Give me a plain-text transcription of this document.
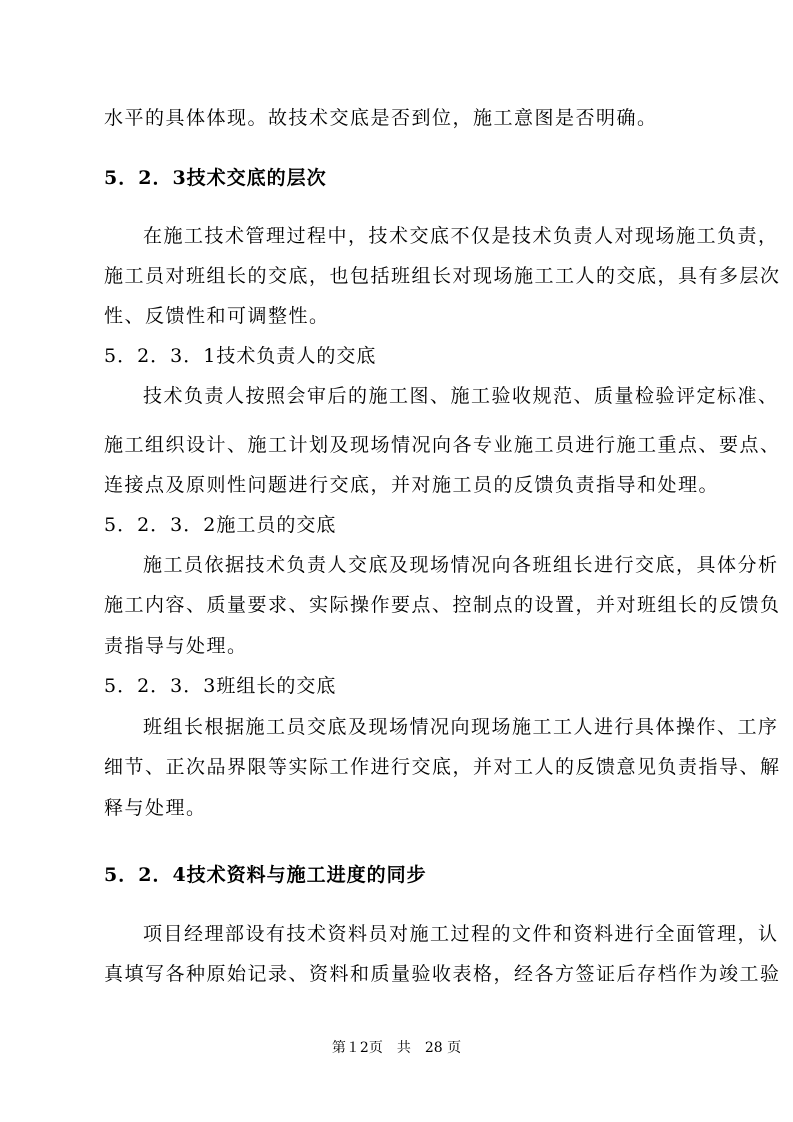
水平的具体体现。故技术交底是否到位，施工意图是否明确。
5．2．3技术交底的层次
在施工技术管理过程中，技术交底不仅是技术负责人对现场施工负责，
施工员对班组长的交底，也包括班组长对现场施工工人的交底，具有多层次
性、反馈性和可调整性。
5．2．3．1技术负责人的交底
技术负责人按照会审后的施工图、施工验收规范、质量检验评定标准、
施工组织设计、施工计划及现场情况向各专业施工员进行施工重点、要点、
连接点及原则性问题进行交底，并对施工员的反馈负责指导和处理。
5．2．3．2施工员的交底
施工员依据技术负责人交底及现场情况向各班组长进行交底，具体分析
施工内容、质量要求、实际操作要点、控制点的设置，并对班组长的反馈负
责指导与处理。
5．2．3．3班组长的交底
班组长根据施工员交底及现场情况向现场施工工人进行具体操作、工序
细节、正次品界限等实际工作进行交底，并对工人的反馈意见负责指导、解
释与处理。
5．2．4技术资料与施工进度的同步
项目经理部设有技术资料员对施工过程的文件和资料进行全面管理，认
真填写各种原始记录、资料和质量验收表格，经各方签证后存档作为竣工验
第１2页　共　28 页
